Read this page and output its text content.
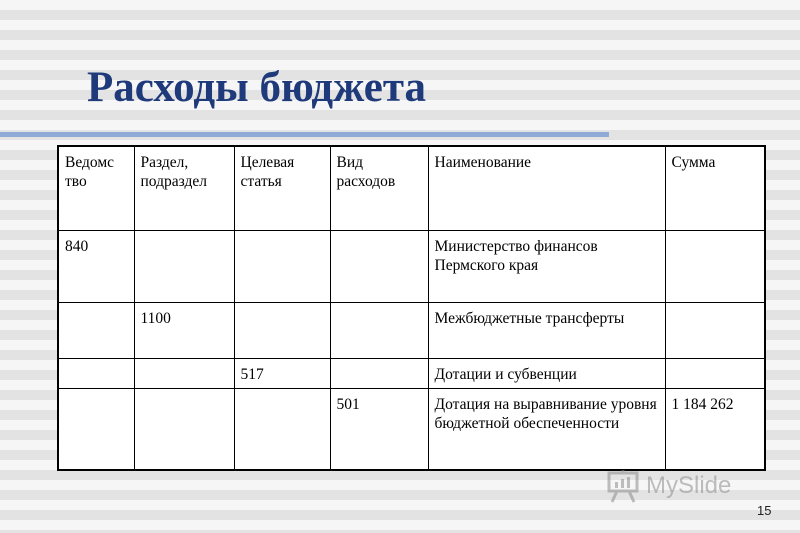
Расходы бюджета
Ведомс тво	Раздел, подраздел	Целевая статья	Вид расходов	Наименование	Сумма
840				Министерство финансов Пермского края	
	1100			Межбюджетные трансферты	
		517		Дотации и субвенции	
			501	Дотация на выравнивание уровня бюджетной обеспеченности	1 184 262
MySlide
15
